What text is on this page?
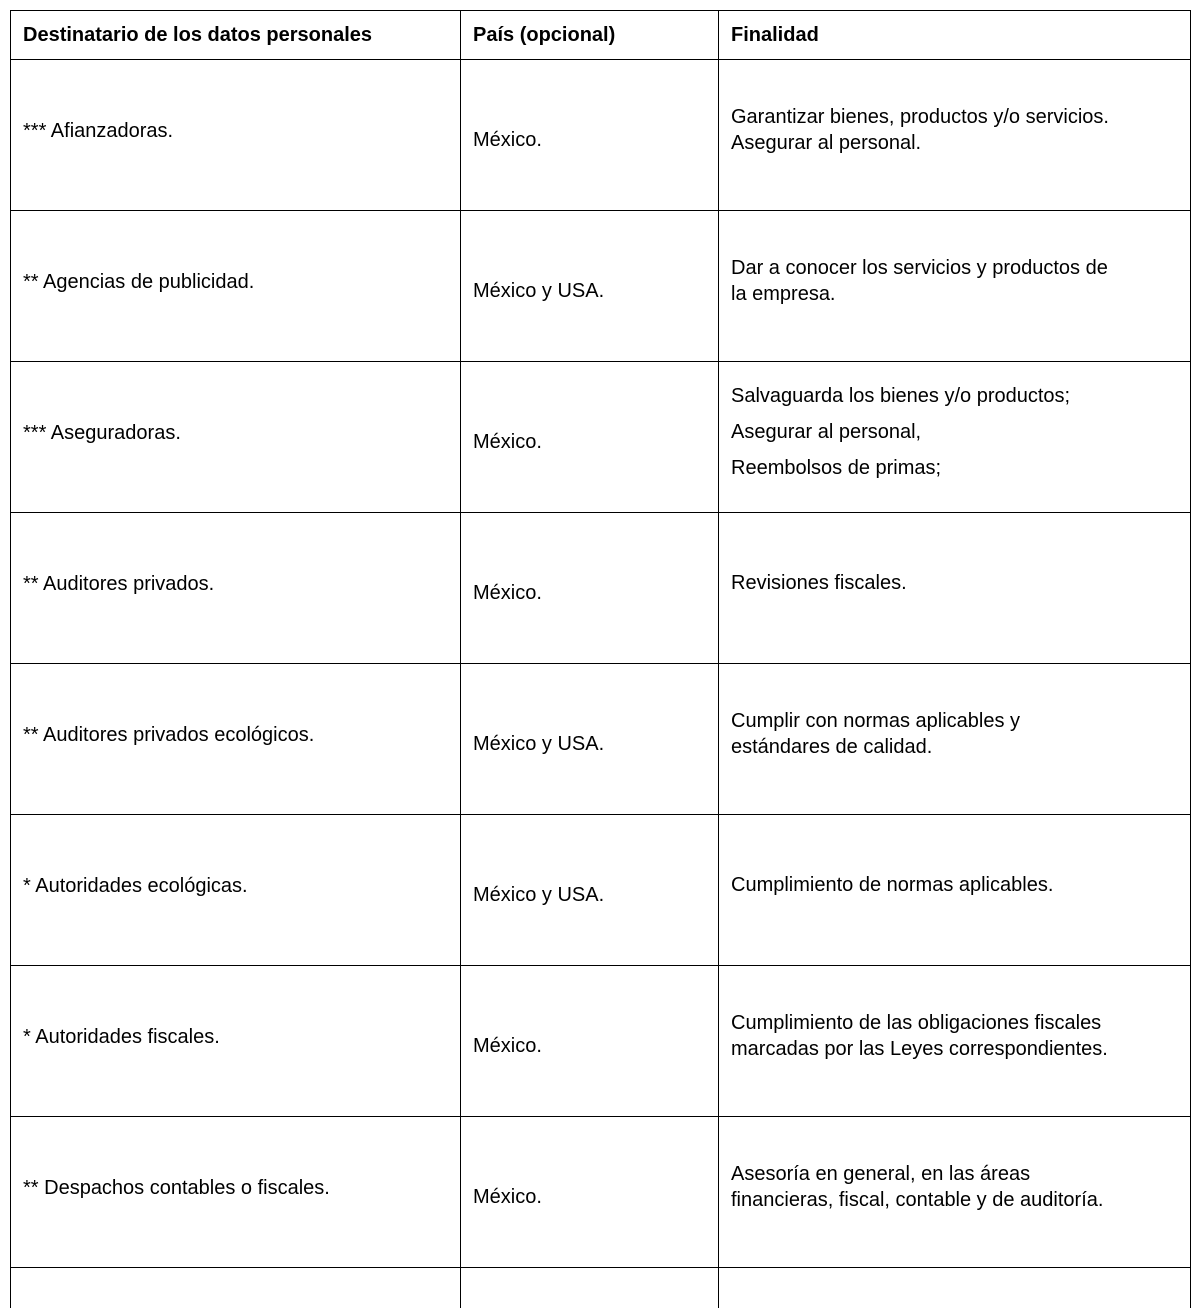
Destinatario de los datos personales	País (opcional)	Finalidad
*** Afianzadoras.	México.	Garantizar bienes, productos y/o servicios.
Asegurar al personal.

** Agencias de publicidad.	México y USA.	Dar a conocer los servicios y productos de
la empresa.

*** Aseguradoras.	México.	Salvaguarda los bienes y/o productos;
Asegurar al personal,
Reembolsos de primas;

** Auditores privados.	México.	Revisiones fiscales.

** Auditores privados ecológicos.	México y USA.	Cumplir con normas aplicables y
estándares de calidad.

* Autoridades ecológicas.	México y USA.	Cumplimiento de normas aplicables.

* Autoridades fiscales.	México.	Cumplimiento de las obligaciones fiscales
marcadas por las Leyes correspondientes.

** Despachos contables o fiscales.	México.	Asesoría en general, en las áreas
financieras, fiscal, contable y de auditoría.
